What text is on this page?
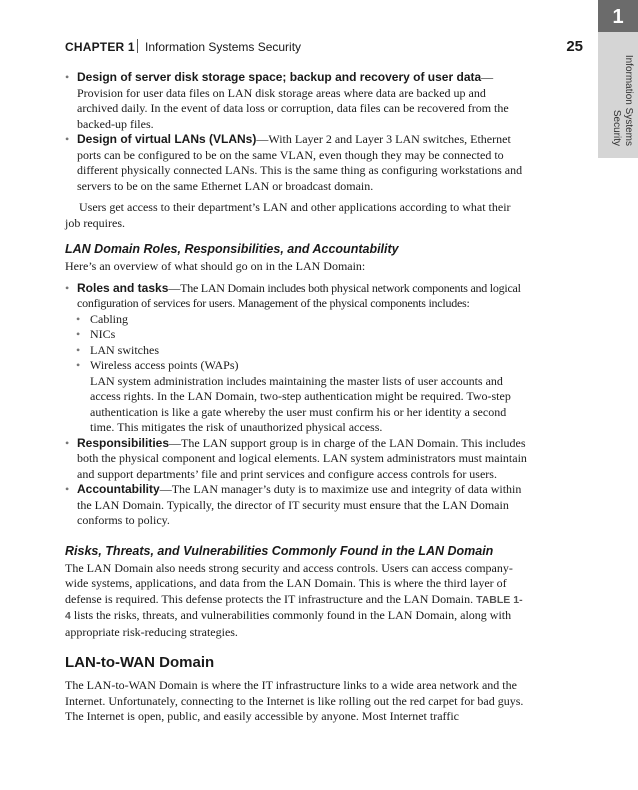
CHAPTER 1 Information Systems Security	25
1
Information Systems Security

• Design of server disk storage space; backup and recovery of user data—Provision for user data files on LAN disk storage areas where data are backed up and archived daily. In the event of data loss or corruption, data files can be recovered from the backed-up files.

• Design of virtual LANs (VLANs)—With Layer 2 and Layer 3 LAN switches, Ethernet ports can be configured to be on the same VLAN, even though they may be connected to different physically connected LANs. This is the same thing as configuring workstations and servers to be on the same Ethernet LAN or broadcast domain.

Users get access to their department’s LAN and other applications according to what their job requires.

LAN Domain Roles, Responsibilities, and Accountability

Here’s an overview of what should go on in the LAN Domain:

• Roles and tasks—The LAN Domain includes both physical network components and logical configuration of services for users. Management of the physical components includes:

• Cabling

• NICs

• LAN switches

• Wireless access points (WAPs)

LAN system administration includes maintaining the master lists of user accounts and access rights. In the LAN Domain, two-step authentication might be required. Two-step authentication is like a gate whereby the user must confirm his or her identity a second time. This mitigates the risk of unauthorized physical access.

• Responsibilities—The LAN support group is in charge of the LAN Domain. This includes both the physical component and logical elements. LAN system administrators must maintain and support departments’ file and print services and configure access controls for users.

• Accountability—The LAN manager’s duty is to maximize use and integrity of data within the LAN Domain. Typically, the director of IT security must ensure that the LAN Domain conforms to policy.

Risks, Threats, and Vulnerabilities Commonly Found in the LAN Domain

The LAN Domain also needs strong security and access controls. Users can access company-wide systems, applications, and data from the LAN Domain. This is where the third layer of defense is required. This defense protects the IT infrastructure and the LAN Domain. TABLE 1-4 lists the risks, threats, and vulnerabilities commonly found in the LAN Domain, along with appropriate risk-reducing strategies.

LAN-to-WAN Domain

The LAN-to-WAN Domain is where the IT infrastructure links to a wide area network and the Internet. Unfortunately, connecting to the Internet is like rolling out the red carpet for bad guys. The Internet is open, public, and easily accessible by anyone. Most Internet traffic
